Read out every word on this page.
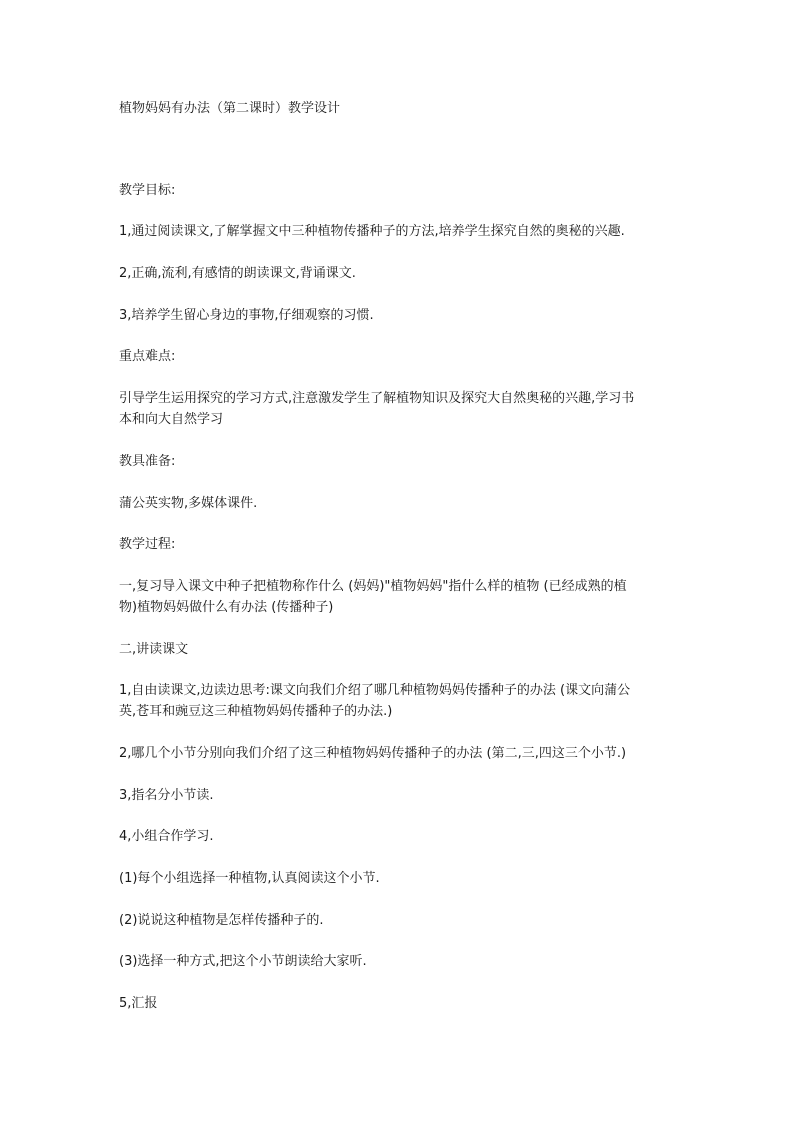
植物妈妈有办法（第二课时）教学设计

教学目标:

1,通过阅读课文,了解掌握文中三种植物传播种子的方法,培养学生探究自然的奥秘的兴趣.

2,正确,流利,有感情的朗读课文,背诵课文.

3,培养学生留心身边的事物,仔细观察的习惯.

重点难点:

引导学生运用探究的学习方式,注意激发学生了解植物知识及探究大自然奥秘的兴趣,学习书

本和向大自然学习

教具准备:

蒲公英实物,多媒体课件.

教学过程:

一,复习导入课文中种子把植物称作什么 (妈妈)"植物妈妈"指什么样的植物 (已经成熟的植

物)植物妈妈做什么有办法 (传播种子)

二,讲读课文

1,自由读课文,边读边思考:课文向我们介绍了哪几种植物妈妈传播种子的办法 (课文向蒲公

英,苍耳和豌豆这三种植物妈妈传播种子的办法.)

2,哪几个小节分别向我们介绍了这三种植物妈妈传播种子的办法 (第二,三,四这三个小节.)

3,指名分小节读.

4,小组合作学习.

(1)每个小组选择一种植物,认真阅读这个小节.

(2)说说这种植物是怎样传播种子的.

(3)选择一种方式,把这个小节朗读给大家听.

5,汇报
